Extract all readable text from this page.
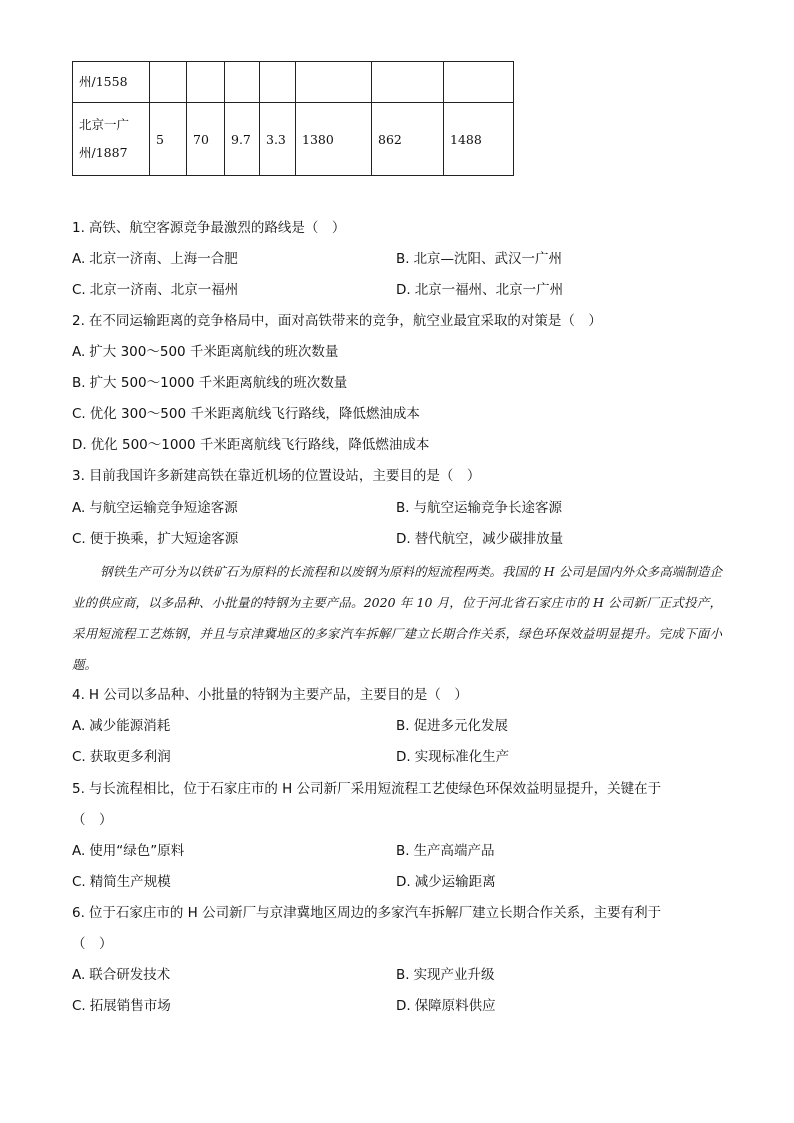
州/1558							

北京一广
州/1887	5	70	9.7	3.3	1380	862	1488
1. 高铁、航空客源竞争最激烈的路线是（　）
A. 北京一济南、上海一合肥	B. 北京—沈阳、武汉一广州
C. 北京一济南、北京一福州	D. 北京一福州、北京一广州
2. 在不同运输距离的竞争格局中，面对高铁带来的竞争，航空业最宜采取的对策是（　）
A. 扩大 300～500 千米距离航线的班次数量
B. 扩大 500～1000 千米距离航线的班次数量
C. 优化 300～500 千米距离航线飞行路线，降低燃油成本
D. 优化 500～1000 千米距离航线飞行路线，降低燃油成本
3. 目前我国许多新建高铁在靠近机场的位置设站，主要目的是（　）
A. 与航空运输竞争短途客源	B. 与航空运输竞争长途客源
C. 便于换乘，扩大短途客源	D. 替代航空，减少碳排放量
钢铁生产可分为以铁矿石为原料的长流程和以废钢为原料的短流程两类。我国的 H 公司是国内外众多高端制造企业的供应商，以多品种、小批量的特钢为主要产品。2020 年 10 月，位于河北省石家庄市的 H 公司新厂正式投产，采用短流程工艺炼钢，并且与京津冀地区的多家汽车拆解厂建立长期合作关系，绿色环保效益明显提升。完成下面小题。
4. H 公司以多品种、小批量的特钢为主要产品，主要目的是（　）
A. 减少能源消耗	B. 促进多元化发展
C. 获取更多利润	D. 实现标准化生产
5. 与长流程相比，位于石家庄市的 H 公司新厂采用短流程工艺使绿色环保效益明显提升，关键在于
（　）
A. 使用“绿色”原料	B. 生产高端产品
C. 精简生产规模	D. 减少运输距离
6. 位于石家庄市的 H 公司新厂与京津冀地区周边的多家汽车拆解厂建立长期合作关系，主要有利于
（　）
A. 联合研发技术	B. 实现产业升级
C. 拓展销售市场	D. 保障原料供应
